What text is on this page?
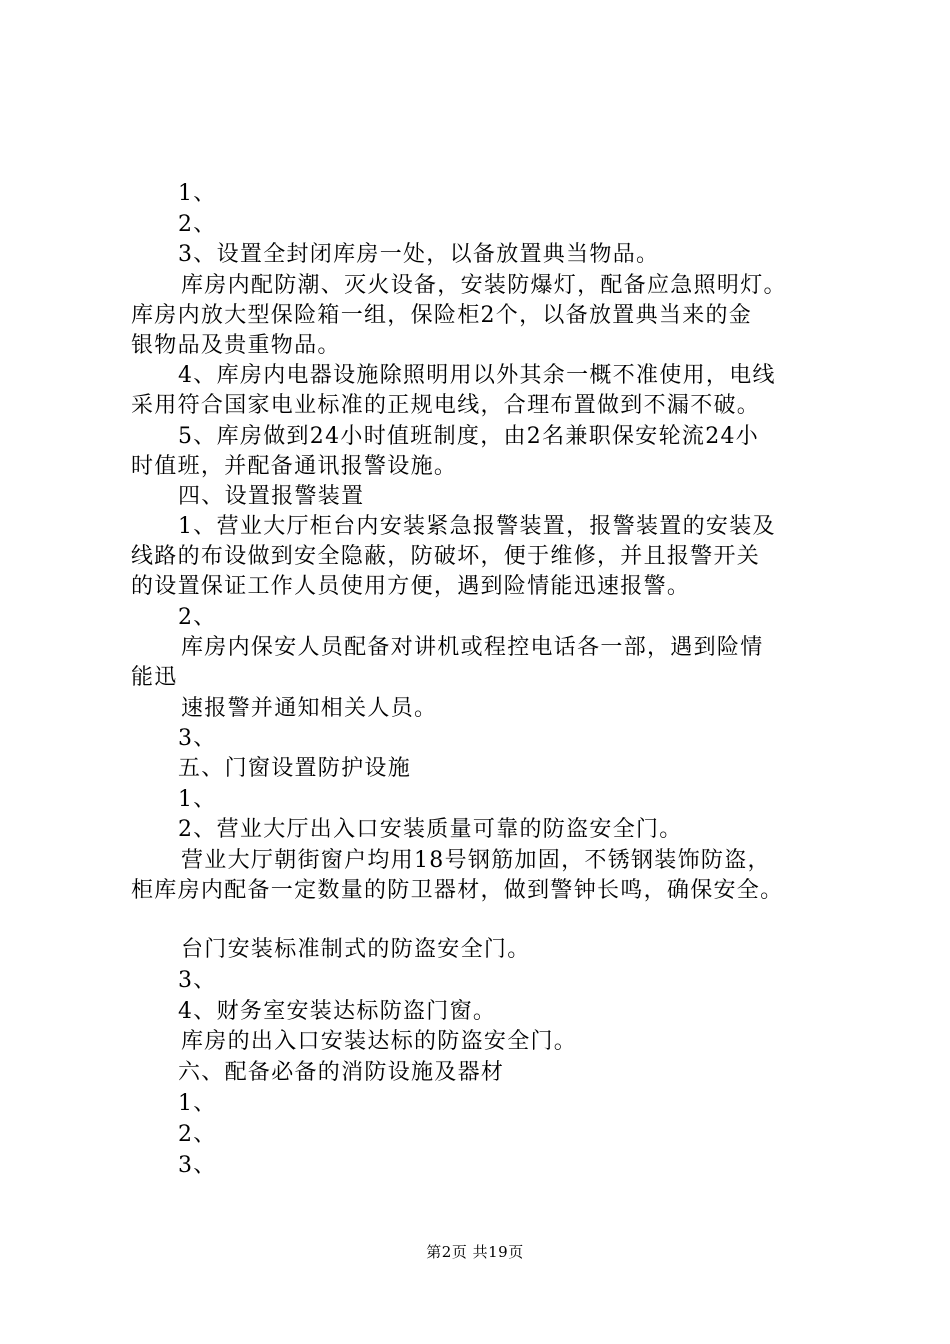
1、
2、
3、设置全封闭库房一处，以备放置典当物品。
库房内配防潮、灭火设备，安装防爆灯，配备应急照明灯。
库房内放大型保险箱一组，保险柜2个，以备放置典当来的金
银物品及贵重物品。
4、库房内电器设施除照明用以外其余一概不准使用，电线
采用符合国家电业标准的正规电线，合理布置做到不漏不破。
5、库房做到24小时值班制度，由2名兼职保安轮流24小
时值班，并配备通讯报警设施。
四、设置报警装置
1、营业大厅柜台内安装紧急报警装置，报警装置的安装及
线路的布设做到安全隐蔽，防破坏，便于维修，并且报警开关
的设置保证工作人员使用方便，遇到险情能迅速报警。
2、
库房内保安人员配备对讲机或程控电话各一部，遇到险情
能迅
速报警并通知相关人员。
3、
五、门窗设置防护设施
1、
2、营业大厅出入口安装质量可靠的防盗安全门。
营业大厅朝街窗户均用18号钢筋加固，不锈钢装饰防盗，
柜库房内配备一定数量的防卫器材，做到警钟长鸣，确保安全。
台门安装标准制式的防盗安全门。
3、
4、财务室安装达标防盗门窗。
库房的出入口安装达标的防盗安全门。
六、配备必备的消防设施及器材
1、
2、
3、
第2页 共19页
